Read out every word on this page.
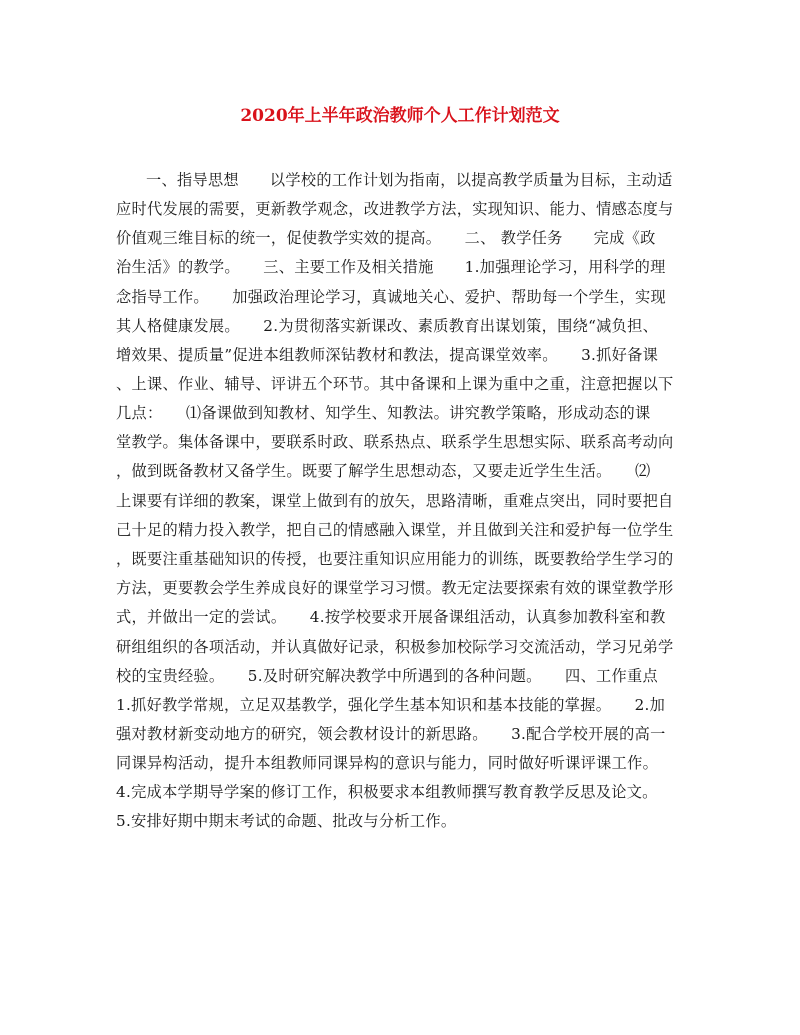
2020年上半年政治教师个人工作计划范文

一、指导思想　　以学校的工作计划为指南，以提高教学质量为目标，主动适

应时代发展的需要，更新教学观念，改进教学方法，实现知识、能力、情感态度与

价值观三维目标的统一，促使教学实效的提高。　　二、 教学任务　　完成《政

治生活》的教学。　　三、主要工作及相关措施　　1.加强理论学习，用科学的理

念指导工作。　　加强政治理论学习，真诚地关心、爱护、帮助每一个学生，实现

其人格健康发展。　　2.为贯彻落实新课改、素质教育出谋划策，围绕“减负担、

增效果、提质量”促进本组教师深钻教材和教法，提高课堂效率。　　3.抓好备课

、上课、作业、辅导、评讲五个环节。其中备课和上课为重中之重，注意把握以下

几点：　　⑴备课做到知教材、知学生、知教法。讲究教学策略，形成动态的课

堂教学。集体备课中，要联系时政、联系热点、联系学生思想实际、联系高考动向

，做到既备教材又备学生。既要了解学生思想动态，又要走近学生生活。　　⑵

上课要有详细的教案，课堂上做到有的放矢，思路清晰，重难点突出，同时要把自

己十足的精力投入教学，把自己的情感融入课堂，并且做到关注和爱护每一位学生

，既要注重基础知识的传授，也要注重知识应用能力的训练，既要教给学生学习的

方法，更要教会学生养成良好的课堂学习习惯。教无定法要探索有效的课堂教学形

式，并做出一定的尝试。　　4.按学校要求开展备课组活动，认真参加教科室和教

研组组织的各项活动，并认真做好记录，积极参加校际学习交流活动，学习兄弟学

校的宝贵经验。　　5.及时研究解决教学中所遇到的各种问题。　　四、工作重点

1.抓好教学常规，立足双基教学，强化学生基本知识和基本技能的掌握。　　2.加

强对教材新变动地方的研究，领会教材设计的新思路。　　3.配合学校开展的高一

同课异构活动，提升本组教师同课异构的意识与能力，同时做好听课评课工作。

4.完成本学期导学案的修订工作，积极要求本组教师撰写教育教学反思及论文。

5.安排好期中期末考试的命题、批改与分析工作。
